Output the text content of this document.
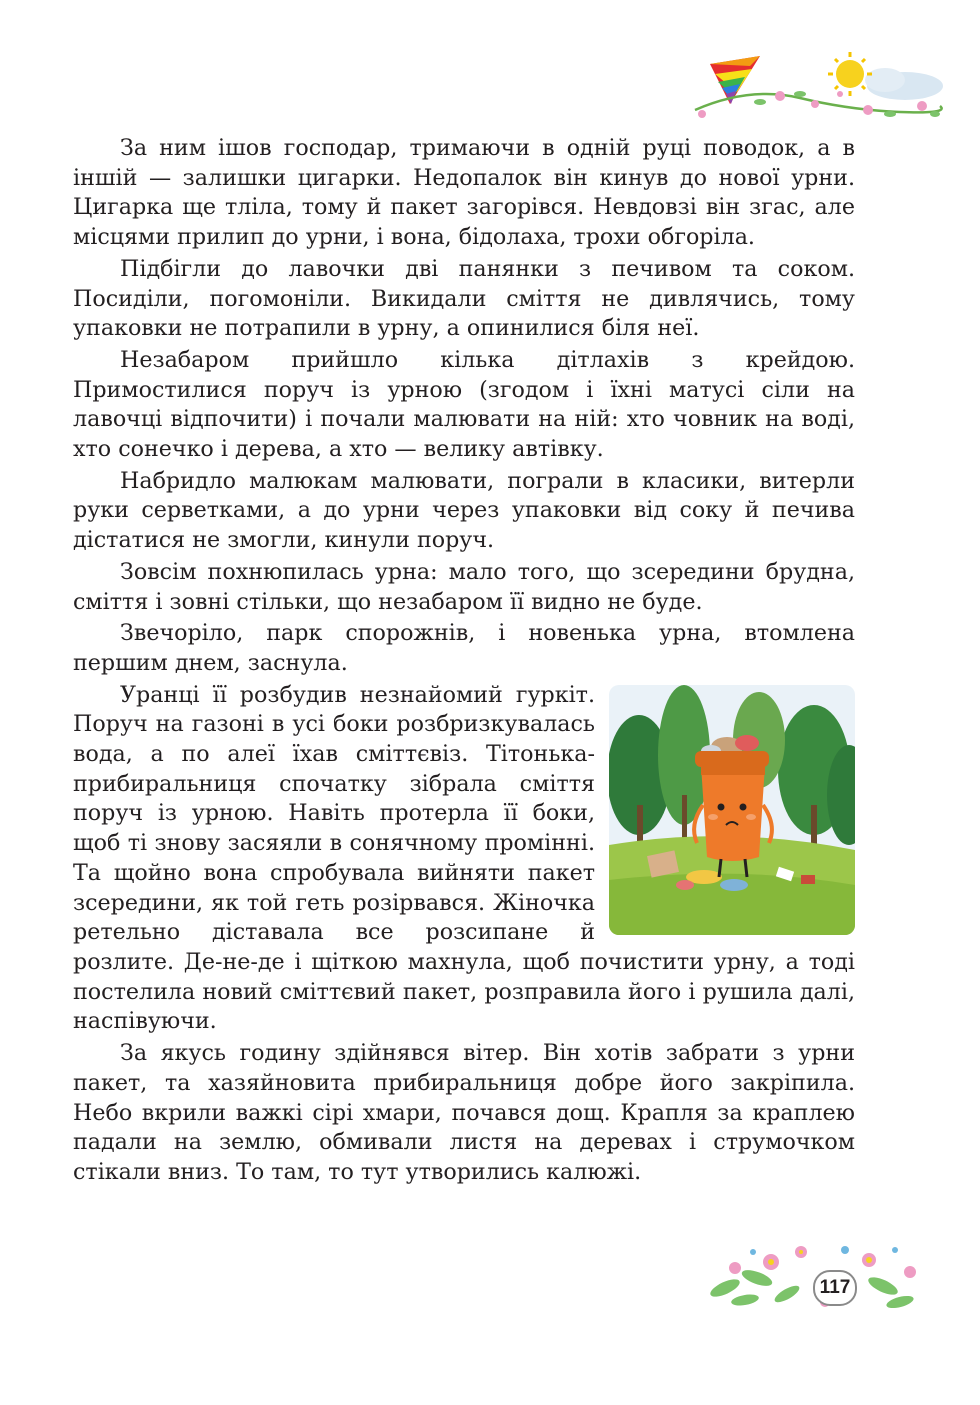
За ним ішов господар, тримаючи в одній руці поводок, а в іншій — залишки цигарки. Недопалок він кинув до нової урни. Цигарка ще тліла, тому й пакет загорівся. Невдовзі він згас, але місцями прилип до урни, і вона, бідолаха, трохи обгоріла.

Підбігли до лавочки дві панянки з печивом та соком. Посиділи, погомоніли. Викидали сміття не дивлячись, тому упаковки не потрапили в урну, а опинилися біля неї.

Незабаром прийшло кілька дітлахів з крейдою. Примостилися поруч із урною (згодом і їхні матусі сіли на лавочці відпочити) і почали малювати на ній: хто човник на воді, хто сонечко і дерева, а хто — велику автівку.

Набридло малюкам малювати, пограли в класики, витерли руки серветками, а до урни через упаковки від соку й печива дістатися не змогли, кинули поруч.

Зовсім похнюпилась урна: мало того, що зсередини брудна, сміття і зовні стільки, що незабаром її видно не буде.

Звечоріло, парк спорожнів, і новенька урна, втомлена першим днем, заснула.

Уранці її розбудив незнайомий гуркіт. Поруч на газоні в усі боки розбризкувалась вода, а по алеї їхав сміттєвіз. Тітонька-прибиральниця спочатку зібрала сміття поруч із урною. Навіть протерла її боки, щоб ті знову засяяли в сонячному промінні. Та щойно вона спробувала вийняти пакет зсередини, як той геть розірвався. Жіночка ретельно діставала все розсипане й розлите. Де-не-де і щіткою махнула, щоб почистити урну, а тоді постелила новий сміттєвий пакет, розправила його і рушила далі, наспівуючи.

За якусь годину здійнявся вітер. Він хотів забрати з урни пакет, та хазяйновита прибиральниця добре його закріпила. Небо вкрили важкі сірі хмари, почався дощ. Крапля за краплею падали на землю, обмивали листя на деревах і струмочком стікали вниз. То там, то тут утворились калюжі.

117
